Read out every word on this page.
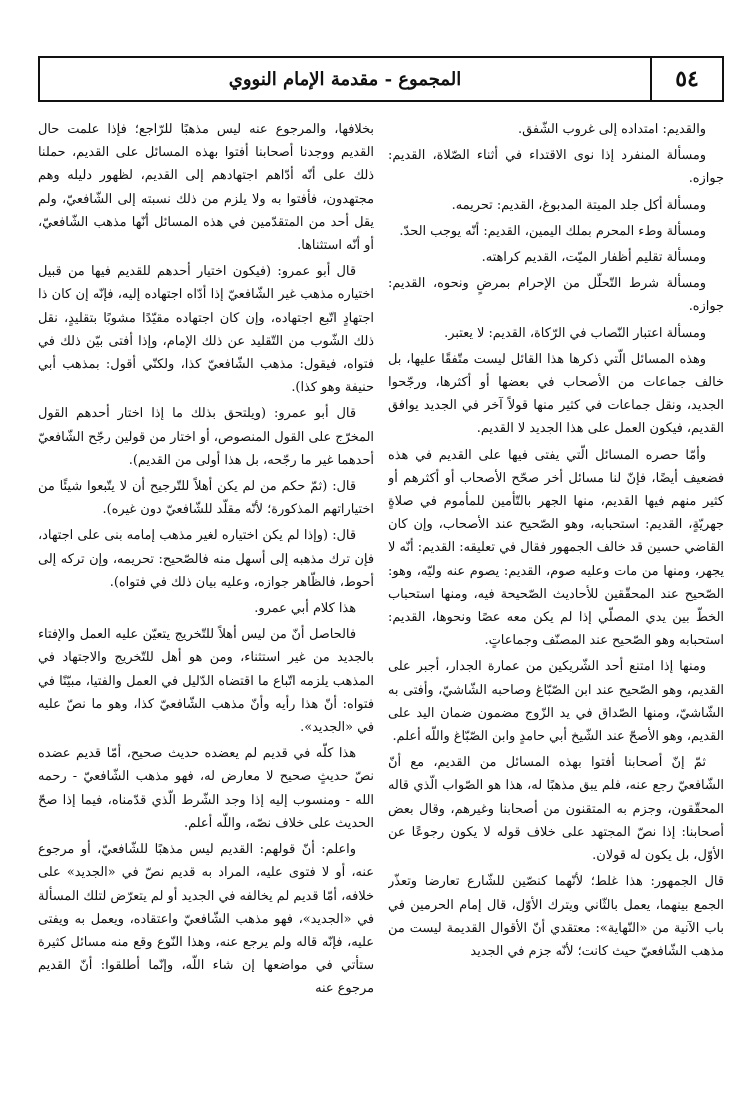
٥٤
المجموع - مقدمة الإمام النووي

والقديم: امتداده إلى غروب الشّفق.

ومسألة المنفرد إذا نوى الاقتداء في أثناء الصّلاة، القديم: جوازه.

ومسألة أكل جلد الميتة المدبوغ، القديم: تحريمه.

ومسألة وطء المحرم بملك اليمين، القديم: أنّه يوجب الحدّ.

ومسألة تقليم أظفار الميّت، القديم كراهته.

ومسألة شرط التّحلّل من الإحرام بمرضٍ ونحوه، القديم: جوازه.

ومسألة اعتبار النّصاب في الرّكاة، القديم: لا يعتبر.

وهذه المسائل الّتي ذكرها هذا القائل ليست متّفقًا عليها، بل خالف جماعات من الأصحاب في بعضها أو أكثرها، ورجّحوا الجديد، ونقل جماعات في كثير منها قولاً آخر في الجديد يوافق القديم، فيكون العمل على هذا الجديد لا القديم.

وأمّا حصره المسائل الّتي يفتى فيها على القديم في هذه فضعيف أيضًا، فإنّ لنا مسائل أخر صحّح الأصحاب أو أكثرهم أو كثير منهم فيها القديم، منها الجهر بالتّأمين للمأموم في صلاةٍ جهريّةٍ، القديم: استحبابه، وهو الصّحيح عند الأصحاب، وإن كان القاضي حسين قد خالف الجمهور فقال في تعليقه: القديم: أنّه لا يجهر، ومنها من مات وعليه صوم، القديم: يصوم عنه وليّه، وهو: الصّحيح عند المحقّقين للأحاديث الصّحيحة فيه، ومنها استحباب الخطّ بين يدي المصلّي إذا لم يكن معه عصًا ونحوها، القديم: استحبابه وهو الصّحيح عند المصنّف وجماعاتٍ.

ومنها إذا امتنع أحد الشّريكين من عمارة الجدار، أجبر على القديم، وهو الصّحيح عند ابن الصّبّاغ وصاحبه الشّاشيّ، وأفتى به الشّاشيّ، ومنها الصّداق في يد الزّوج مضمون ضمان اليد على القديم، وهو الأصحّ عند الشّيخ أبي حامدٍ وابن الصّبّاغ واللّه أعلم.

ثمّ إنّ أصحابنا أفتوا بهذه المسائل من القديم، مع أنّ الشّافعيّ رجع عنه، فلم يبق مذهبًا له، هذا هو الصّواب الّذي قاله المحقّقون، وجزم به المتقنون من أصحابنا وغيرهم، وقال بعض أصحابنا: إذا نصّ المجتهد على خلاف قوله لا يكون رجوعًا عن الأوّل، بل يكون له قولان.

قال الجمهور: هذا غلط؛ لأنّهما كنصّين للشّارع تعارضا وتعذّر الجمع بينهما، يعمل بالثّاني ويترك الأوّل، قال إمام الحرمين في باب الآنية من «النّهاية»: معتقدي أنّ الأقوال القديمة ليست من مذهب الشّافعيّ حيث كانت؛ لأنّه جزم في الجديد

بخلافها، والمرجوع عنه ليس مذهبًا للرّاجع؛ فإذا علمت حال القديم ووجدنا أصحابنا أفتوا بهذه المسائل على القديم، حملنا ذلك على أنّه أدّاهم اجتهادهم إلى القديم، لظهور دليله وهم مجتهدون، فأفتوا به ولا يلزم من ذلك نسبته إلى الشّافعيّ، ولم يقل أحد من المتقدّمين في هذه المسائل أنّها مذهب الشّافعيّ، أو أنّه استثناها.

قال أبو عمرو: (فيكون اختيار أحدهم للقديم فيها من قبيل اختياره مذهب غير الشّافعيّ إذا أدّاه اجتهاده إليه، فإنّه إن كان ذا اجتهادٍ اتّبع اجتهاده، وإن كان اجتهاده مقيّدًا مشوبًا بتقليدٍ، نقل ذلك الشّوب من التّقليد عن ذلك الإمام، وإذا أفتى بيّن ذلك في فتواه، فيقول: مذهب الشّافعيّ كذا، ولكنّي أقول: بمذهب أبي حنيفة وهو كذا).

قال أبو عمرو: (ويلتحق بذلك ما إذا اختار أحدهم القول المخرّج على القول المنصوص، أو اختار من قولين رجّح الشّافعيّ أحدهما غير ما رجّحه، بل هذا أولى من القديم).

قال: (ثمّ حكم من لم يكن أهلاً للتّرجيح أن لا يتّبعوا شيئًا من اختياراتهم المذكورة؛ لأنّه مقلّد للشّافعيّ دون غيره).

قال: (وإذا لم يكن اختياره لغير مذهب إمامه بنى على اجتهاد، فإن ترك مذهبه إلى أسهل منه فالصّحيح: تحريمه، وإن تركه إلى أحوط، فالظّاهر جوازه، وعليه بيان ذلك في فتواه).

هذا كلام أبي عمرو.

فالحاصل أنّ من ليس أهلاً للتّخريج يتعيّن عليه العمل والإفتاء بالجديد من غير استثناء، ومن هو أهل للتّخريج والاجتهاد في المذهب يلزمه اتّباع ما اقتضاه الدّليل في العمل والفتيا، مبيّنًا في فتواه: أنّ هذا رأيه وأنّ مذهب الشّافعيّ كذا، وهو ما نصّ عليه في «الجديد».

هذا كلّه في قديم لم يعضده حديث صحيح، أمّا قديم عضده نصّ حديثٍ صحيح لا معارض له، فهو مذهب الشّافعيّ - رحمه الله - ومنسوب إليه إذا وجد الشّرط الّذي قدّمناه، فيما إذا صحّ الحديث على خلاف نصّه، واللّه أعلم.

واعلم: أنّ قولهم: القديم ليس مذهبًا للشّافعيّ، أو مرجوع عنه، أو لا فتوى عليه، المراد به قديم نصّ في «الجديد» على خلافه، أمّا قديم لم يخالفه في الجديد أو لم يتعرّض لتلك المسألة في «الجديد»، فهو مذهب الشّافعيّ واعتقاده، ويعمل به ويفتى عليه، فإنّه قاله ولم يرجع عنه، وهذا النّوع وقع منه مسائل كثيرة ستأتي في مواضعها إن شاء اللّه، وإنّما أطلقوا: أنّ القديم مرجوع عنه
